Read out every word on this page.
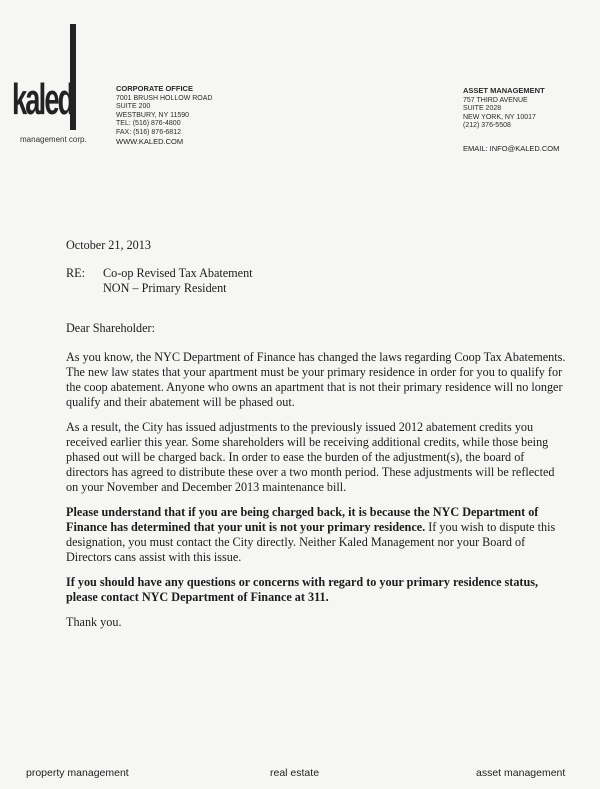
kaled
management corp.
CORPORATE OFFICE
7001 BRUSH HOLLOW ROAD
SUITE 200
WESTBURY, NY 11590
TEL: (516) 876-4800
FAX: (516) 876-6812
WWW.KALED.COM
ASSET MANAGEMENT
757 THIRD AVENUE
SUITE 2028
NEW YORK, NY 10017
(212) 376-5508
EMAIL: INFO@KALED.COM
October 21, 2013
RE: Co-op Revised Tax Abatement
NON – Primary Resident
Dear Shareholder:

As you know, the NYC Department of Finance has changed the laws regarding Coop Tax Abatements. The new law states that your apartment must be your primary residence in order for you to qualify for the coop abatement. Anyone who owns an apartment that is not their primary residence will no longer qualify and their abatement will be phased out.

As a result, the City has issued adjustments to the previously issued 2012 abatement credits you received earlier this year. Some shareholders will be receiving additional credits, while those being phased out will be charged back. In order to ease the burden of the adjustment(s), the board of directors has agreed to distribute these over a two month period. These adjustments will be reflected on your November and December 2013 maintenance bill.

Please understand that if you are being charged back, it is because the NYC Department of Finance has determined that your unit is not your primary residence. If you wish to dispute this designation, you must contact the City directly. Neither Kaled Management nor your Board of Directors cans assist with this issue.

If you should have any questions or concerns with regard to your primary residence status, please contact NYC Department of Finance at 311.

Thank you.
property management	real estate	asset management
